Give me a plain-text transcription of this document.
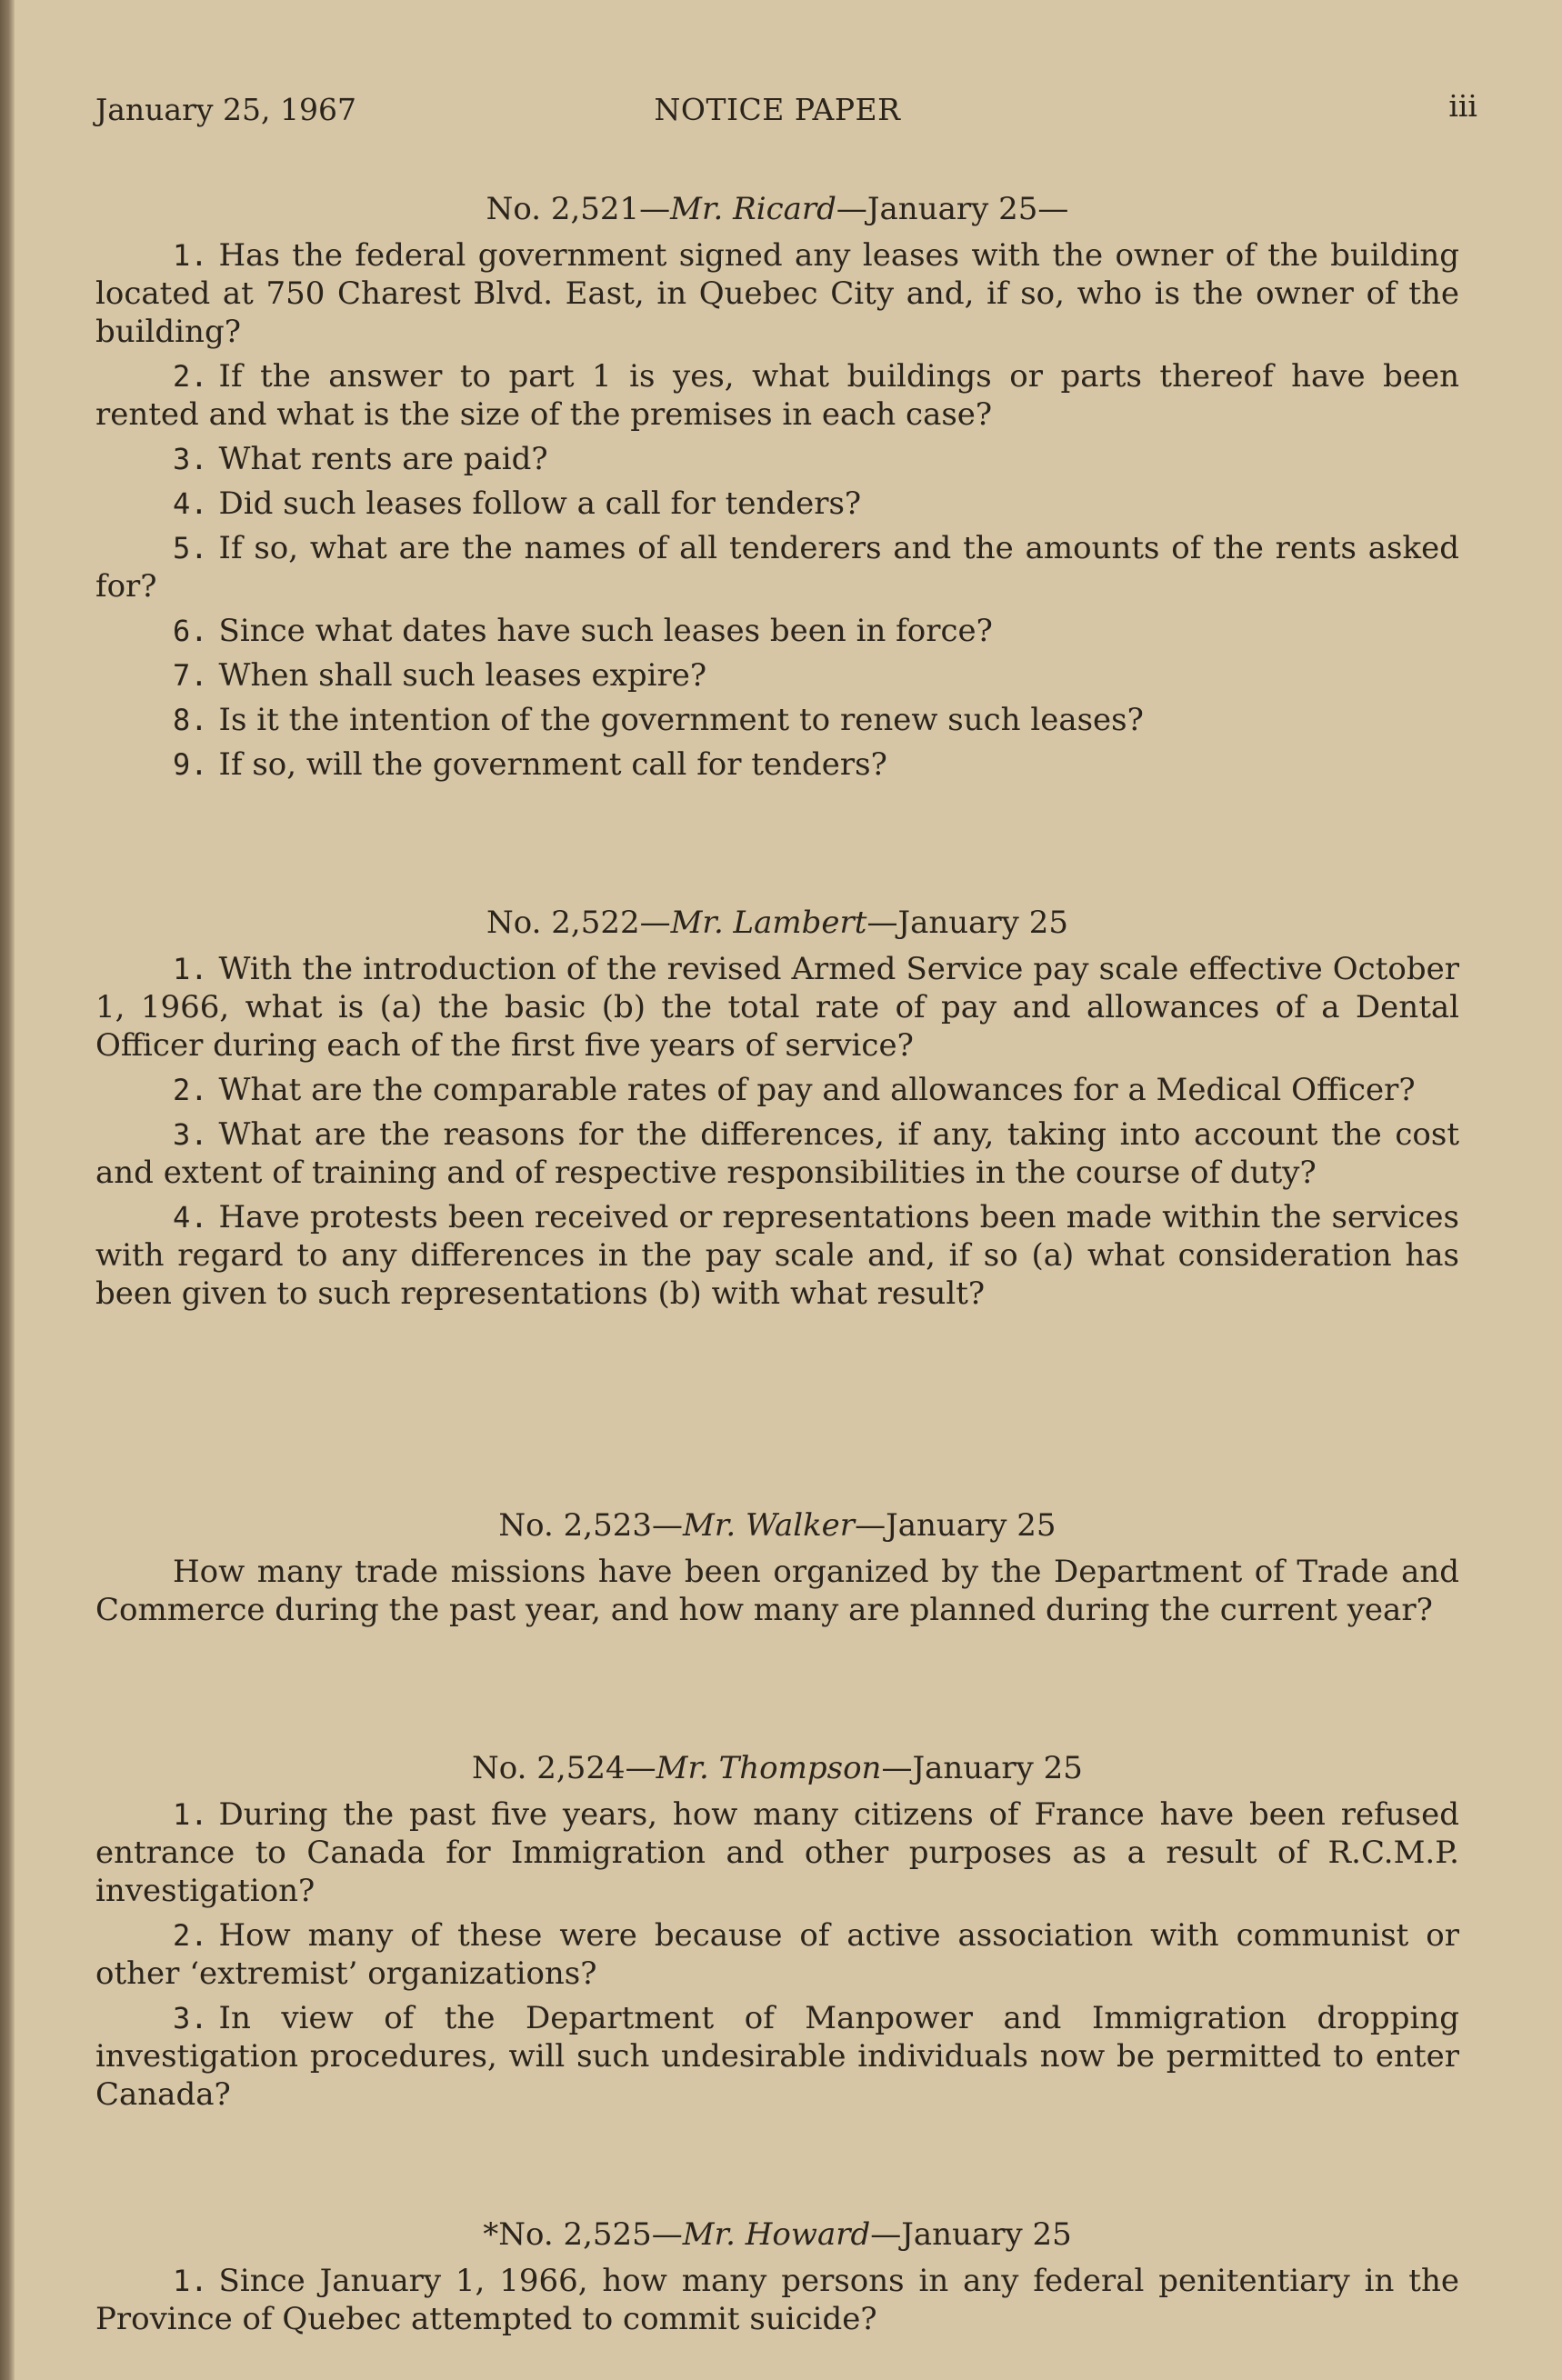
January 25, 1967	NOTICE PAPER	iii
No. 2,521—Mr. Ricard—January 25—

1. Has the federal government signed any leases with the owner of the building located at 750 Charest Blvd. East, in Quebec City and, if so, who is the owner of the building?

2. If the answer to part 1 is yes, what buildings or parts thereof have been rented and what is the size of the premises in each case?

3. What rents are paid?

4. Did such leases follow a call for tenders?

5. If so, what are the names of all tenderers and the amounts of the rents asked for?

6. Since what dates have such leases been in force?

7. When shall such leases expire?

8. Is it the intention of the government to renew such leases?

9. If so, will the government call for tenders?

No. 2,522—Mr. Lambert—January 25

1. With the introduction of the revised Armed Service pay scale effective October 1, 1966, what is (a) the basic (b) the total rate of pay and allowances of a Dental Officer during each of the first five years of service?

2. What are the comparable rates of pay and allowances for a Medical Officer?

3. What are the reasons for the differences, if any, taking into account the cost and extent of training and of respective responsibilities in the course of duty?

4. Have protests been received or representations been made within the services with regard to any differences in the pay scale and, if so (a) what consideration has been given to such representations (b) with what result?

No. 2,523—Mr. Walker—January 25

How many trade missions have been organized by the Department of Trade and Commerce during the past year, and how many are planned during the current year?

No. 2,524—Mr. Thompson—January 25

1. During the past five years, how many citizens of France have been refused entrance to Canada for Immigration and other purposes as a result of R.C.M.P. investigation?

2. How many of these were because of active association with communist or other ‘extremist’ organizations?

3. In view of the Department of Manpower and Immigration dropping investigation procedures, will such undesirable individuals now be permitted to enter Canada?

*No. 2,525—Mr. Howard—January 25

1. Since January 1, 1966, how many persons in any federal penitentiary in the Province of Quebec attempted to commit suicide?
